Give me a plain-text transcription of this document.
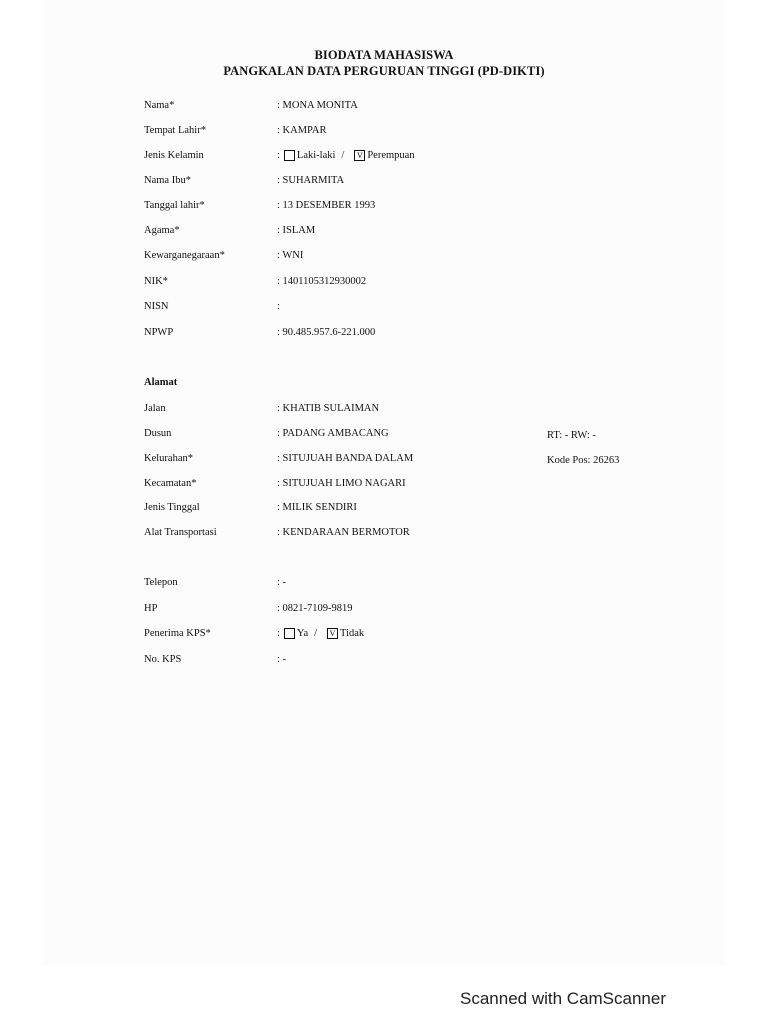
BIODATA MAHASISWA
PANGKALAN DATA PERGURUAN TINGGI (PD-DIKTI)
Nama*	: MONA MONITA
Tempat Lahir*	: KAMPAR
Jenis Kelamin	: Laki-laki /	V Perempuan
Nama Ibu*	: SUHARMITA
Tanggal lahir*	: 13 DESEMBER 1993
Agama*	: ISLAM
Kewarganegaraan*	: WNI
NIK*	: 1401105312930002
NISN	:
NPWP	: 90.485.957.6-221.000
Alamat
Jalan	: KHATIB SULAIMAN
Dusun	: PADANG AMBACANG	RT: - RW: -
Kelurahan*	: SITUJUAH BANDA DALAM	Kode Pos: 26263
Kecamatan*	: SITUJUAH LIMO NAGARI
Jenis Tinggal	: MILIK SENDIRI
Alat Transportasi	: KENDARAAN BERMOTOR
Telepon	: -
HP	: 0821-7109-9819
Penerima KPS*	: Ya /	V Tidak
No. KPS	: -
Scanned with CamScanner
